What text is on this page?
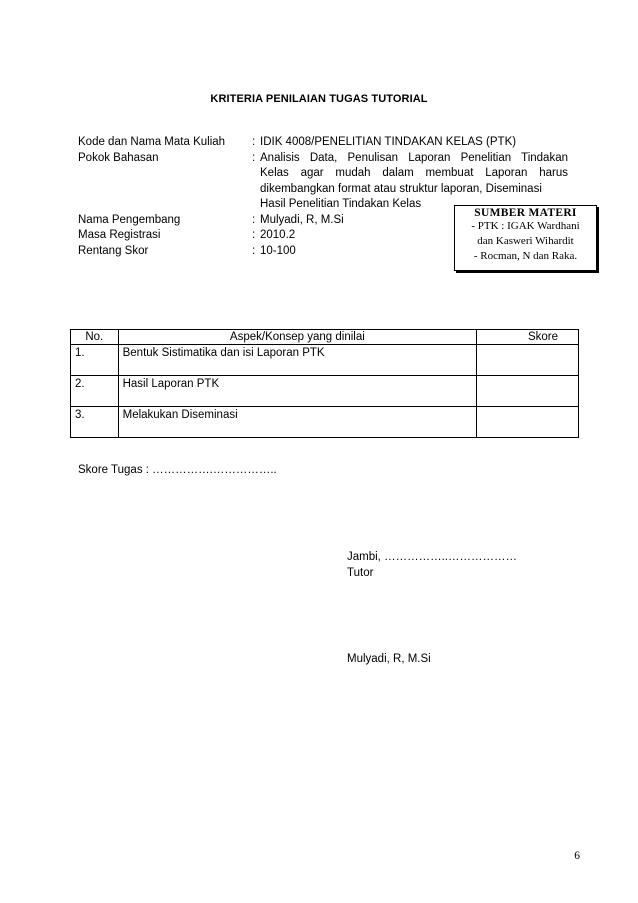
KRITERIA PENILAIAN TUGAS TUTORIAL
Kode dan Nama Mata Kuliah	: IDIK 4008/PENELITIAN TINDAKAN KELAS (PTK)
Pokok Bahasan	: Analisis Data, Penulisan Laporan Penelitian Tindakan
Kelas agar mudah dalam membuat Laporan harus
dikembangkan format atau struktur laporan, Diseminasi
Hasil Penelitian Tindakan Kelas
Nama Pengembang	: Mulyadi, R, M.Si
Masa Registrasi	: 2010.2
Rentang Skor	: 10-100
SUMBER MATERI
- PTK : IGAK Wardhani
dan Kasweri Wihardit
- Rocman, N dan Raka.
No.	Aspek/Konsep yang dinilai	Skore
1.	Bentuk Sistimatika dan isi Laporan PTK	
2.	Hasil Laporan PTK	
3.	Melakukan Diseminasi	
Skore Tugas : …………….……………..
Jambi, ……………..………………
Tutor
Mulyadi, R, M.Si
6
